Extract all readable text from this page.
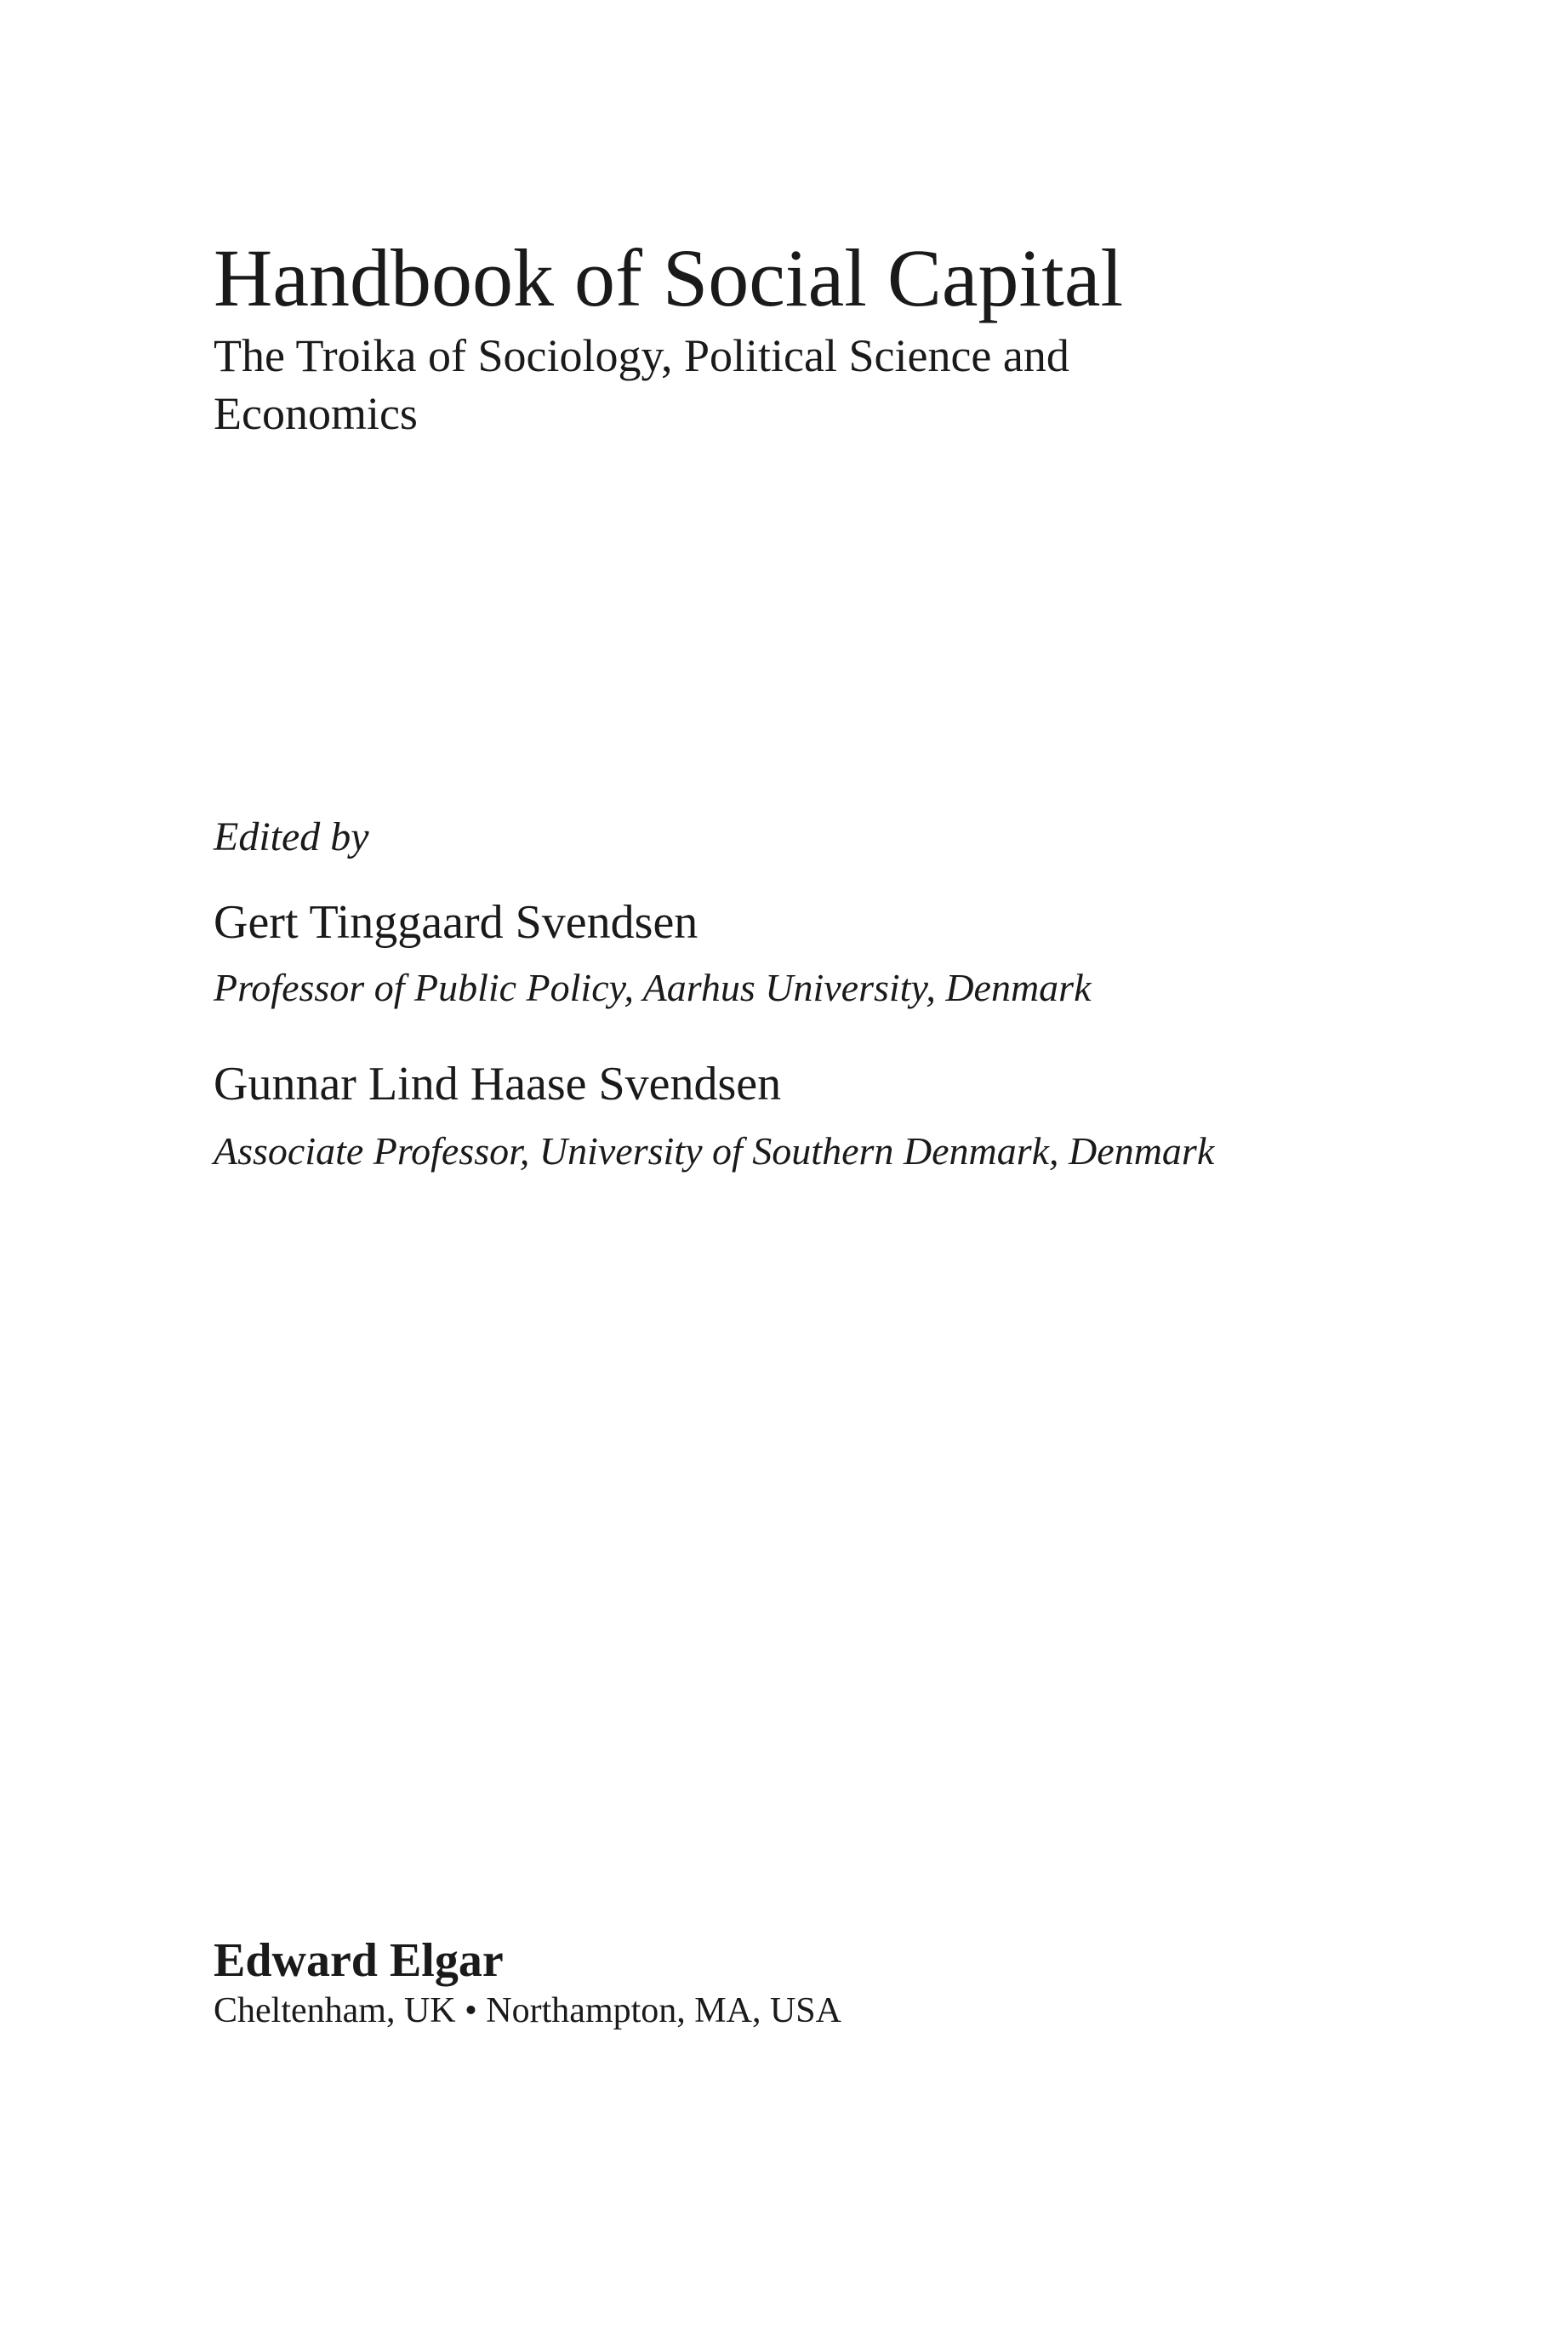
Handbook of Social Capital
The Troika of Sociology, Political Science and Economics
Edited by
Gert Tinggaard Svendsen
Professor of Public Policy, Aarhus University, Denmark
Gunnar Lind Haase Svendsen
Associate Professor, University of Southern Denmark, Denmark
Edward Elgar
Cheltenham, UK • Northampton, MA, USA
